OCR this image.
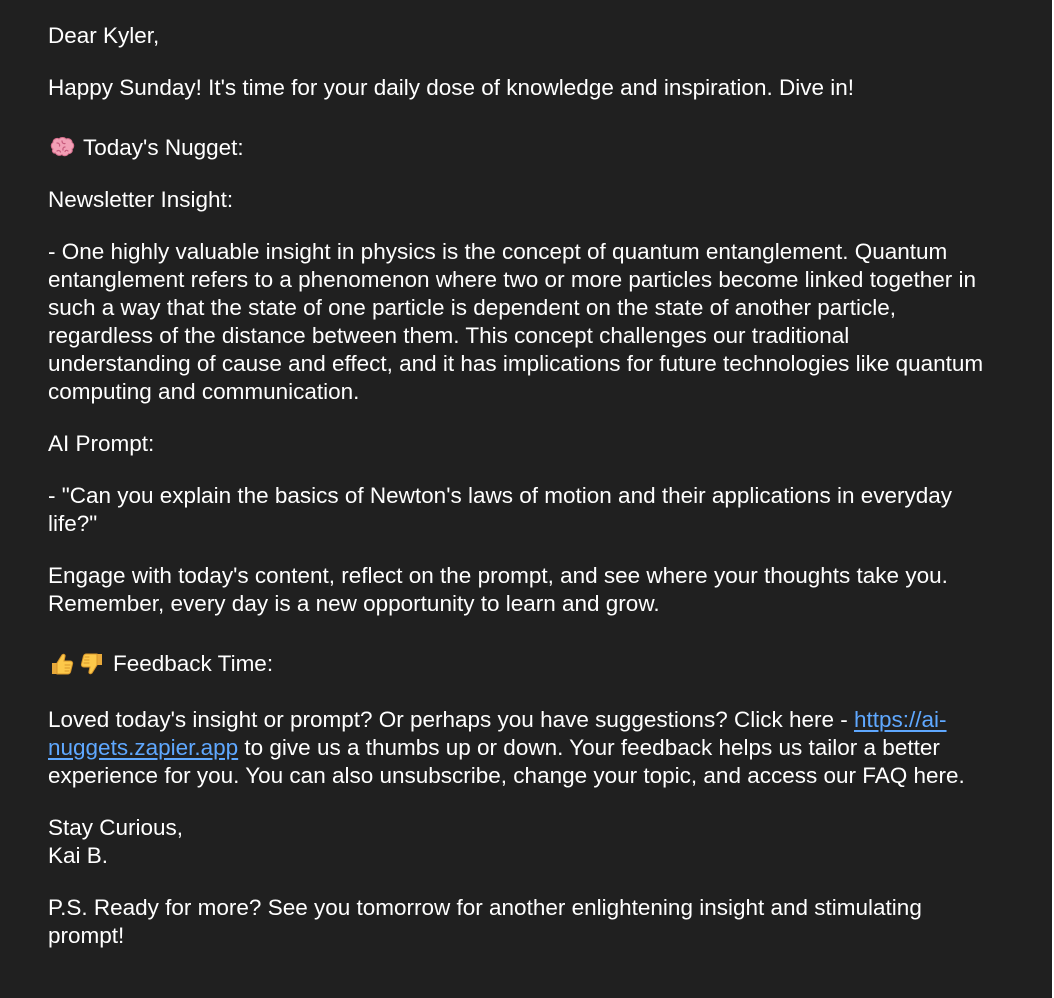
Dear Kyler,

Happy Sunday! It's time for your daily dose of knowledge and inspiration. Dive in!

Today's Nugget:

Newsletter Insight:

- One highly valuable insight in physics is the concept of quantum entanglement. Quantum entanglement refers to a phenomenon where two or more particles become linked together in such a way that the state of one particle is dependent on the state of another particle, regardless of the distance between them. This concept challenges our traditional understanding of cause and effect, and it has implications for future technologies like quantum computing and communication.

AI Prompt:

- "Can you explain the basics of Newton's laws of motion and their applications in everyday life?"

Engage with today's content, reflect on the prompt, and see where your thoughts take you. Remember, every day is a new opportunity to learn and grow.

Feedback Time:

Loved today's insight or prompt? Or perhaps you have suggestions? Click here - https://ai-nuggets.zapier.app to give us a thumbs up or down. Your feedback helps us tailor a better experience for you. You can also unsubscribe, change your topic, and access our FAQ here.

Stay Curious,

Kai B.

P.S. Ready for more? See you tomorrow for another enlightening insight and stimulating prompt!
